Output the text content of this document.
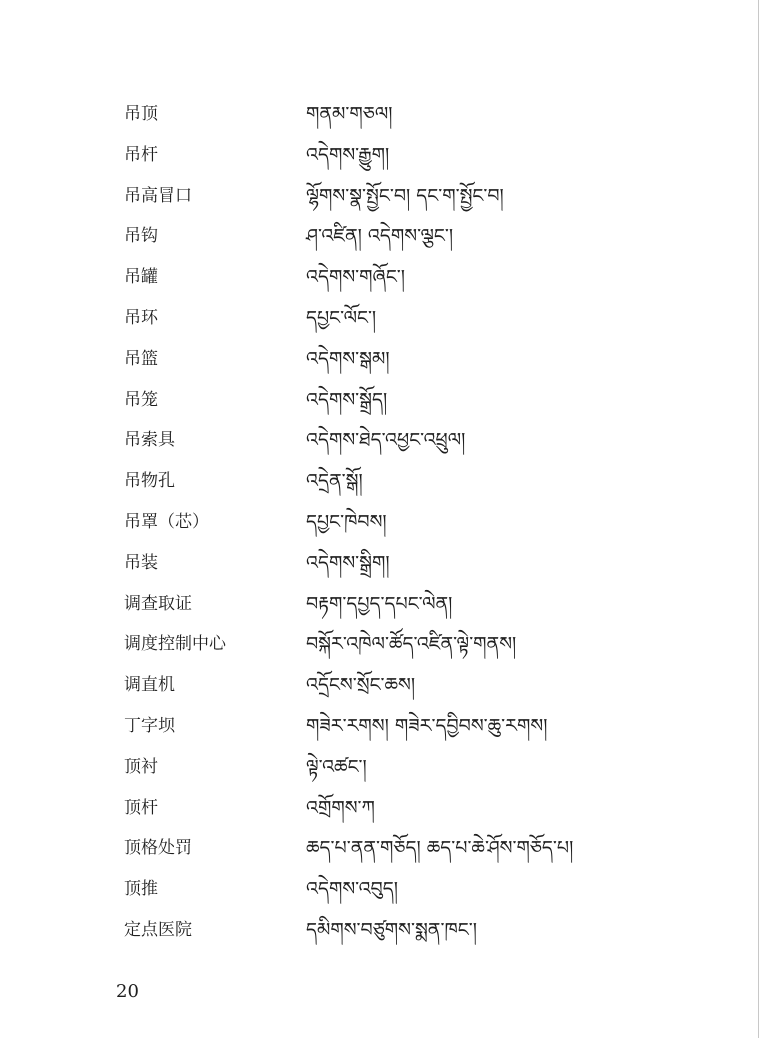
吊顶	གནམ་གཅལ།
吊杆	འདེགས་རྒྱུག།
吊高冒口	ལྷོགས་སྣ་སྤྱོང་བ། དང་ག་སྤྱོང་བ།
吊钩	ཤ་འཛིན། འདེགས་ལྕང་།
吊罐	འདེགས་གཞོང་།
吊环	དཔྱང་ལོང་།
吊篮	འདེགས་སྒམ།
吊笼	འདེགས་སྒྲོད།
吊索具	འདེགས་ཐེད་འཕྱང་འཕྲུལ།
吊物孔	འདྲེན་སྒོ།
吊罩（芯）	དཔྱང་ཁེབས།
吊装	འདེགས་སྒྲིག།
调查取证	བརྟག་དཔྱད་དཔང་ལེན།
调度控制中心	བསྐོར་འཁེལ་ཚོད་འཛིན་ལྟེ་གནས།
调直机	འདྲོངས་སྲོང་ཆས།
丁字坝	གཟེར་རགས། གཟེར་དབྱིབས་ཆུ་རགས།
顶衬	ལྟེ་འཚང་།
顶杆	འགྲོགས་ཀ
顶格处罚	ཆད་པ་ནན་གཅོད། ཆད་པ་ཆེ་ཤོས་གཅོད་པ།
顶推	འདེགས་འབུད།
定点医院	དམིགས་བཙུགས་སྨན་ཁང་།
20
